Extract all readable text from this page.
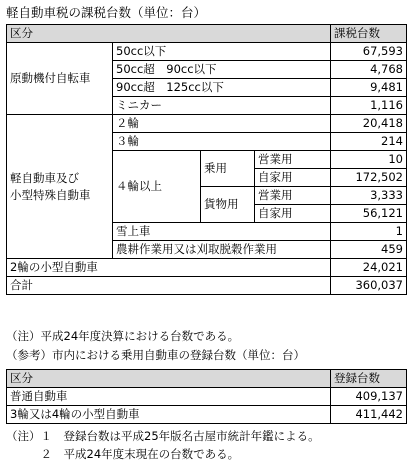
軽自動車税の課税台数（単位：台）
区分				課税台数
原動機付自転車	50cc以下			67,593
	50cc超　90cc以下			4,768
	90cc超　125cc以下			9,481
	ミニカー			1,116

軽自動車及び
小型特殊自動車	２輪			20,418
	３輪			214
	４輪以上	乗用	営業用	10
			自家用	172,502
		貨物用	営業用	3,333
			自家用	56,121
	雪上車			1
	農耕作業用又は刈取脱穀作業用			459
2輪の小型自動車				24,021
合計				360,037
（注）平成24年度決算における台数である。
（参考）市内における乗用自動車の登録台数（単位：台）
区分	登録台数
普通自動車	409,137
3輪又は4輪の小型自動車	411,442
（注）１　登録台数は平成25年版名古屋市統計年鑑による。
　　　２　平成24年度末現在の台数である。
